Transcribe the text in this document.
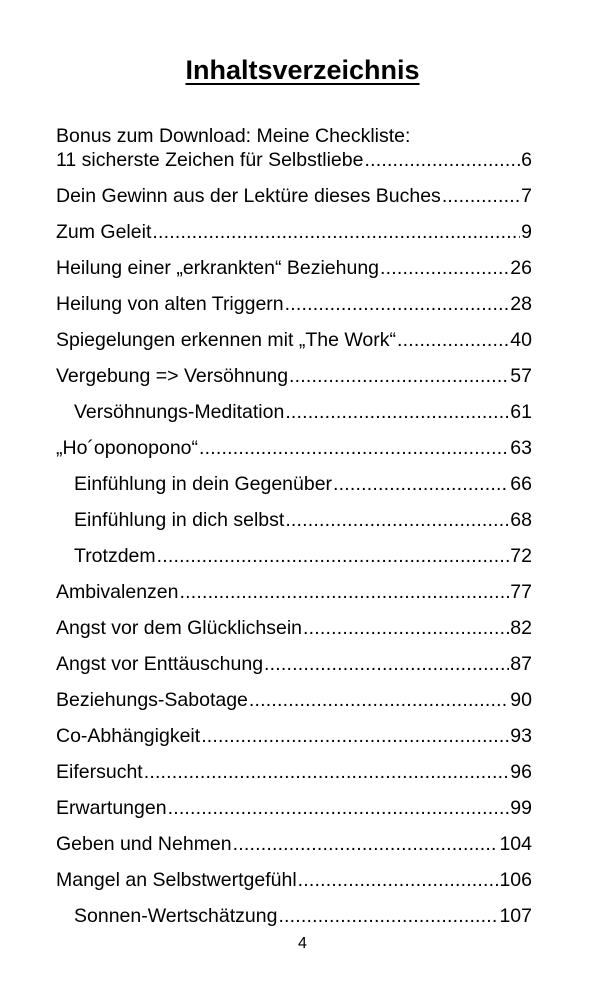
Inhaltsverzeichnis
Bonus zum Download: Meine Checkliste:
11 sicherste Zeichen für Selbstliebe .....	6
Dein Gewinn aus der Lektüre dieses Buches .....	7
Zum Geleit .....	9
Heilung einer „erkrankten“ Beziehung .....	26
Heilung von alten Triggern .....	28
Spiegelungen erkennen mit „The Work“ .....	40
Vergebung => Versöhnung .....	57
Versöhnungs-Meditation .....	61
„Ho´oponopono“ .....	63
Einfühlung in dein Gegenüber .....	66
Einfühlung in dich selbst .....	68
Trotzdem .....	72
Ambivalenzen .....	77
Angst vor dem Glücklichsein .....	82
Angst vor Enttäuschung .....	87
Beziehungs-Sabotage .....	90
Co-Abhängigkeit .....	93
Eifersucht .....	96
Erwartungen .....	99
Geben und Nehmen .....	104
Mangel an Selbstwertgefühl .....	106
Sonnen-Wertschätzung .....	107
4
